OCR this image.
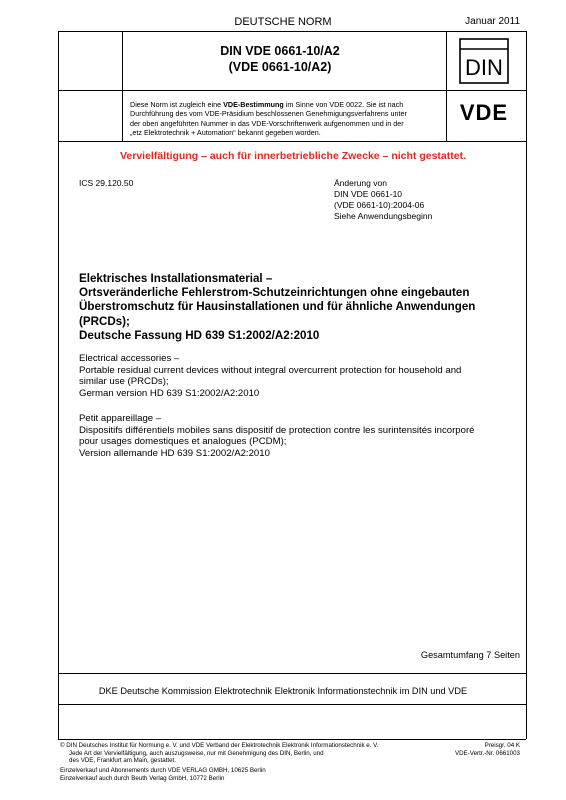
DEUTSCHE NORM	Januar 2011
DIN VDE 0661-10/A2
(VDE 0661-10/A2)	DIN
Diese Norm ist zugleich eine VDE-Bestimmung im Sinne von VDE 0022. Sie ist nach
Durchführung des vom VDE-Präsidium beschlossenen Genehmigungsverfahrens unter
der oben angeführten Nummer in das VDE-Vorschriftenwerk aufgenommen und in der
„etz Elektrotechnik + Automation“ bekannt gegeben worden.
VDE
Vervielfältigung – auch für innerbetriebliche Zwecke – nicht gestattet.
ICS 29.120.50	Änderung von
DIN VDE 0661-10
(VDE 0661-10):2004-06
Siehe Anwendungsbeginn
Elektrisches Installationsmaterial –
Ortsveränderliche Fehlerstrom-Schutzeinrichtungen ohne eingebauten
Überstromschutz für Hausinstallationen und für ähnliche Anwendungen
(PRCDs);
Deutsche Fassung HD 639 S1:2002/A2:2010
Electrical accessories –
Portable residual current devices without integral overcurrent protection for household and
similar use (PRCDs);
German version HD 639 S1:2002/A2:2010
Petit appareillage –
Dispositifs différentiels mobiles sans dispositif de protection contre les surintensités incorporé
pour usages domestiques et analogues (PCDM);
Version allemande HD 639 S1:2002/A2:2010
Gesamtumfang 7 Seiten
DKE Deutsche Kommission Elektrotechnik Elektronik Informationstechnik im DIN und VDE
© DIN Deutsches Institut für Normung e. V. und VDE Verband der Elektrotechnik Elektronik Informationstechnik e. V.
Jede Art der Vervielfältigung, auch auszugsweise, nur mit Genehmigung des DIN, Berlin, und
des VDE, Frankfurt am Main, gestattet.
Preisgr. 04 K
VDE-Vertr.-Nr. 0661003
Einzelverkauf und Abonnements durch VDE VERLAG GMBH, 10625 Berlin
Einzelverkauf auch durch Beuth Verlag GmbH, 10772 Berlin
